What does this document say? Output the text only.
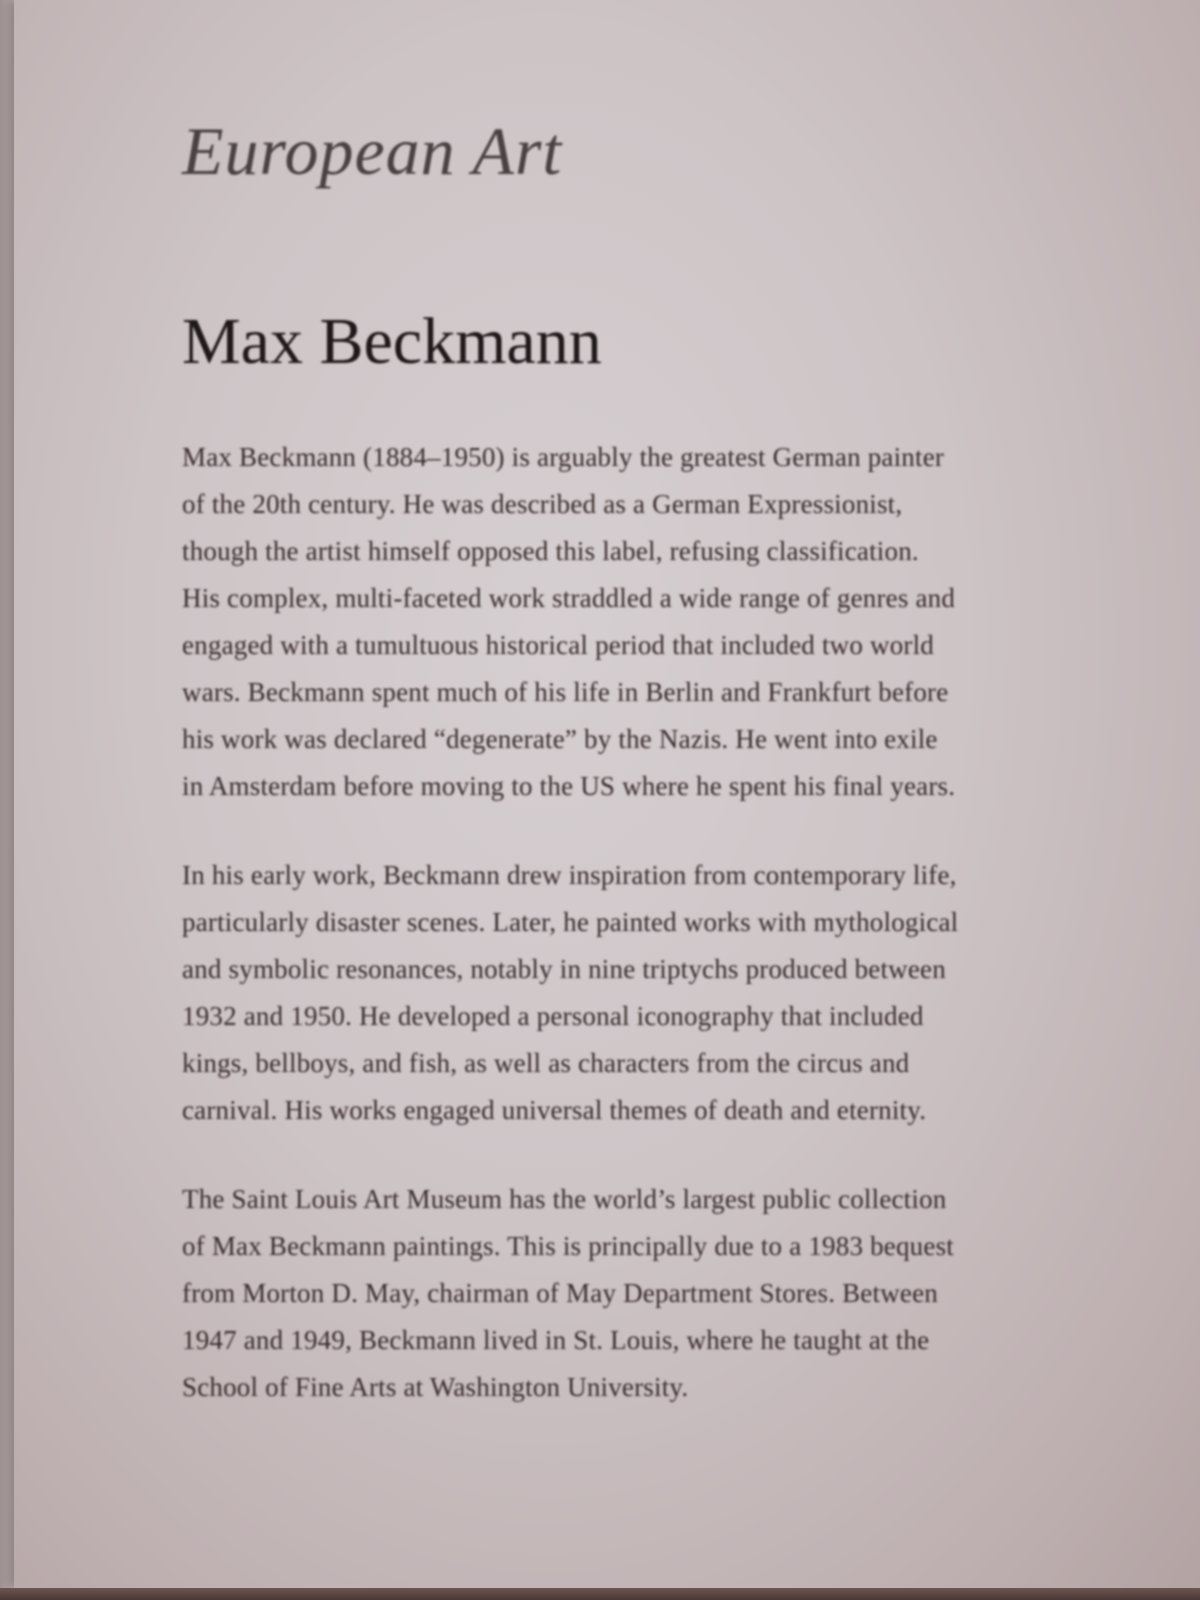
European Art
Max Beckmann

Max Beckmann (1884–1950) is arguably the greatest German painter
of the 20th century. He was described as a German Expressionist,
though the artist himself opposed this label, refusing classification.
His complex, multi-faceted work straddled a wide range of genres and
engaged with a tumultuous historical period that included two world
wars. Beckmann spent much of his life in Berlin and Frankfurt before
his work was declared “degenerate” by the Nazis. He went into exile
in Amsterdam before moving to the US where he spent his final years.

In his early work, Beckmann drew inspiration from contemporary life,
particularly disaster scenes. Later, he painted works with mythological
and symbolic resonances, notably in nine triptychs produced between
1932 and 1950. He developed a personal iconography that included
kings, bellboys, and fish, as well as characters from the circus and
carnival. His works engaged universal themes of death and eternity.

The Saint Louis Art Museum has the world’s largest public collection
of Max Beckmann paintings. This is principally due to a 1983 bequest
from Morton D. May, chairman of May Department Stores. Between
1947 and 1949, Beckmann lived in St. Louis, where he taught at the
School of Fine Arts at Washington University.
